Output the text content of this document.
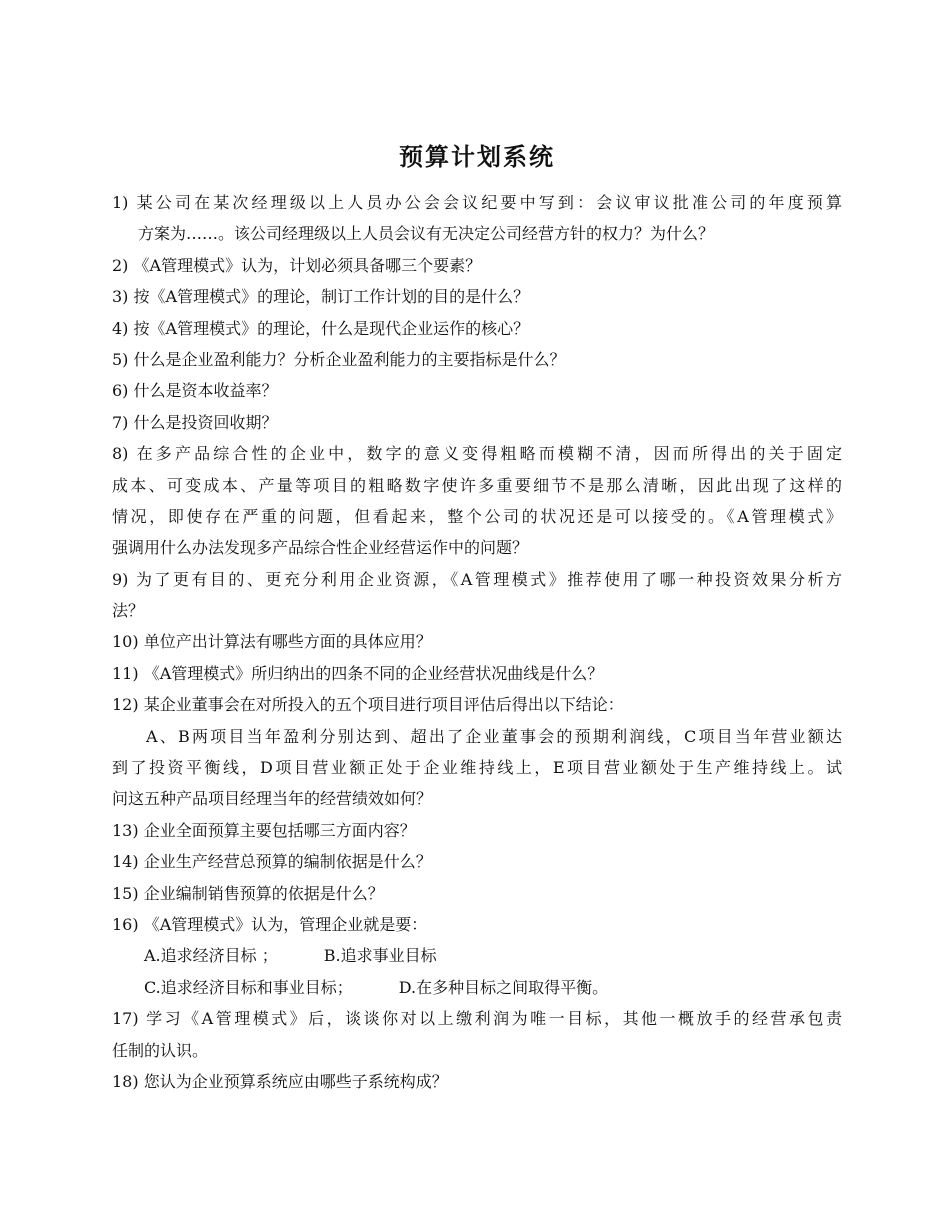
预算计划系统
1) 某公司在某次经理级以上人员办公会会议纪要中写到：会议审议批准公司的年度预算
方案为……。该公司经理级以上人员会议有无决定公司经营方针的权力？为什么？
2) 《A管理模式》认为，计划必须具备哪三个要素？
3) 按《A管理模式》的理论，制订工作计划的目的是什么？
4) 按《A管理模式》的理论，什么是现代企业运作的核心？
5) 什么是企业盈利能力？分析企业盈利能力的主要指标是什么？
6) 什么是资本收益率？
7) 什么是投资回收期？
8) 在多产品综合性的企业中，数字的意义变得粗略而模糊不清，因而所得出的关于固定
成本、可变成本、产量等项目的粗略数字使许多重要细节不是那么清晰，因此出现了这样的
情况，即使存在严重的问题，但看起来，整个公司的状况还是可以接受的。《A管理模式》
强调用什么办法发现多产品综合性企业经营运作中的问题？
9) 为了更有目的、更充分利用企业资源，《A管理模式》推荐使用了哪一种投资效果分析方
法？
10) 单位产出计算法有哪些方面的具体应用？
11) 《A管理模式》所归纳出的四条不同的企业经营状况曲线是什么？
12) 某企业董事会在对所投入的五个项目进行项目评估后得出以下结论：
A、B两项目当年盈利分别达到、超出了企业董事会的预期利润线，C项目当年营业额达
到了投资平衡线，D项目营业额正处于企业维持线上，E项目营业额处于生产维持线上。试
问这五种产品项目经理当年的经营绩效如何？
13) 企业全面预算主要包括哪三方面内容？
14) 企业生产经营总预算的编制依据是什么？
15) 企业编制销售预算的依据是什么？
16) 《A管理模式》认为，管理企业就是要：
A.追求经济目标 ；	B.追求事业目标
C.追求经济目标和事业目标；	D.在多种目标之间取得平衡。
17) 学习《A管理模式》后，谈谈你对以上缴利润为唯一目标，其他一概放手的经营承包责
任制的认识。
18) 您认为企业预算系统应由哪些子系统构成？
